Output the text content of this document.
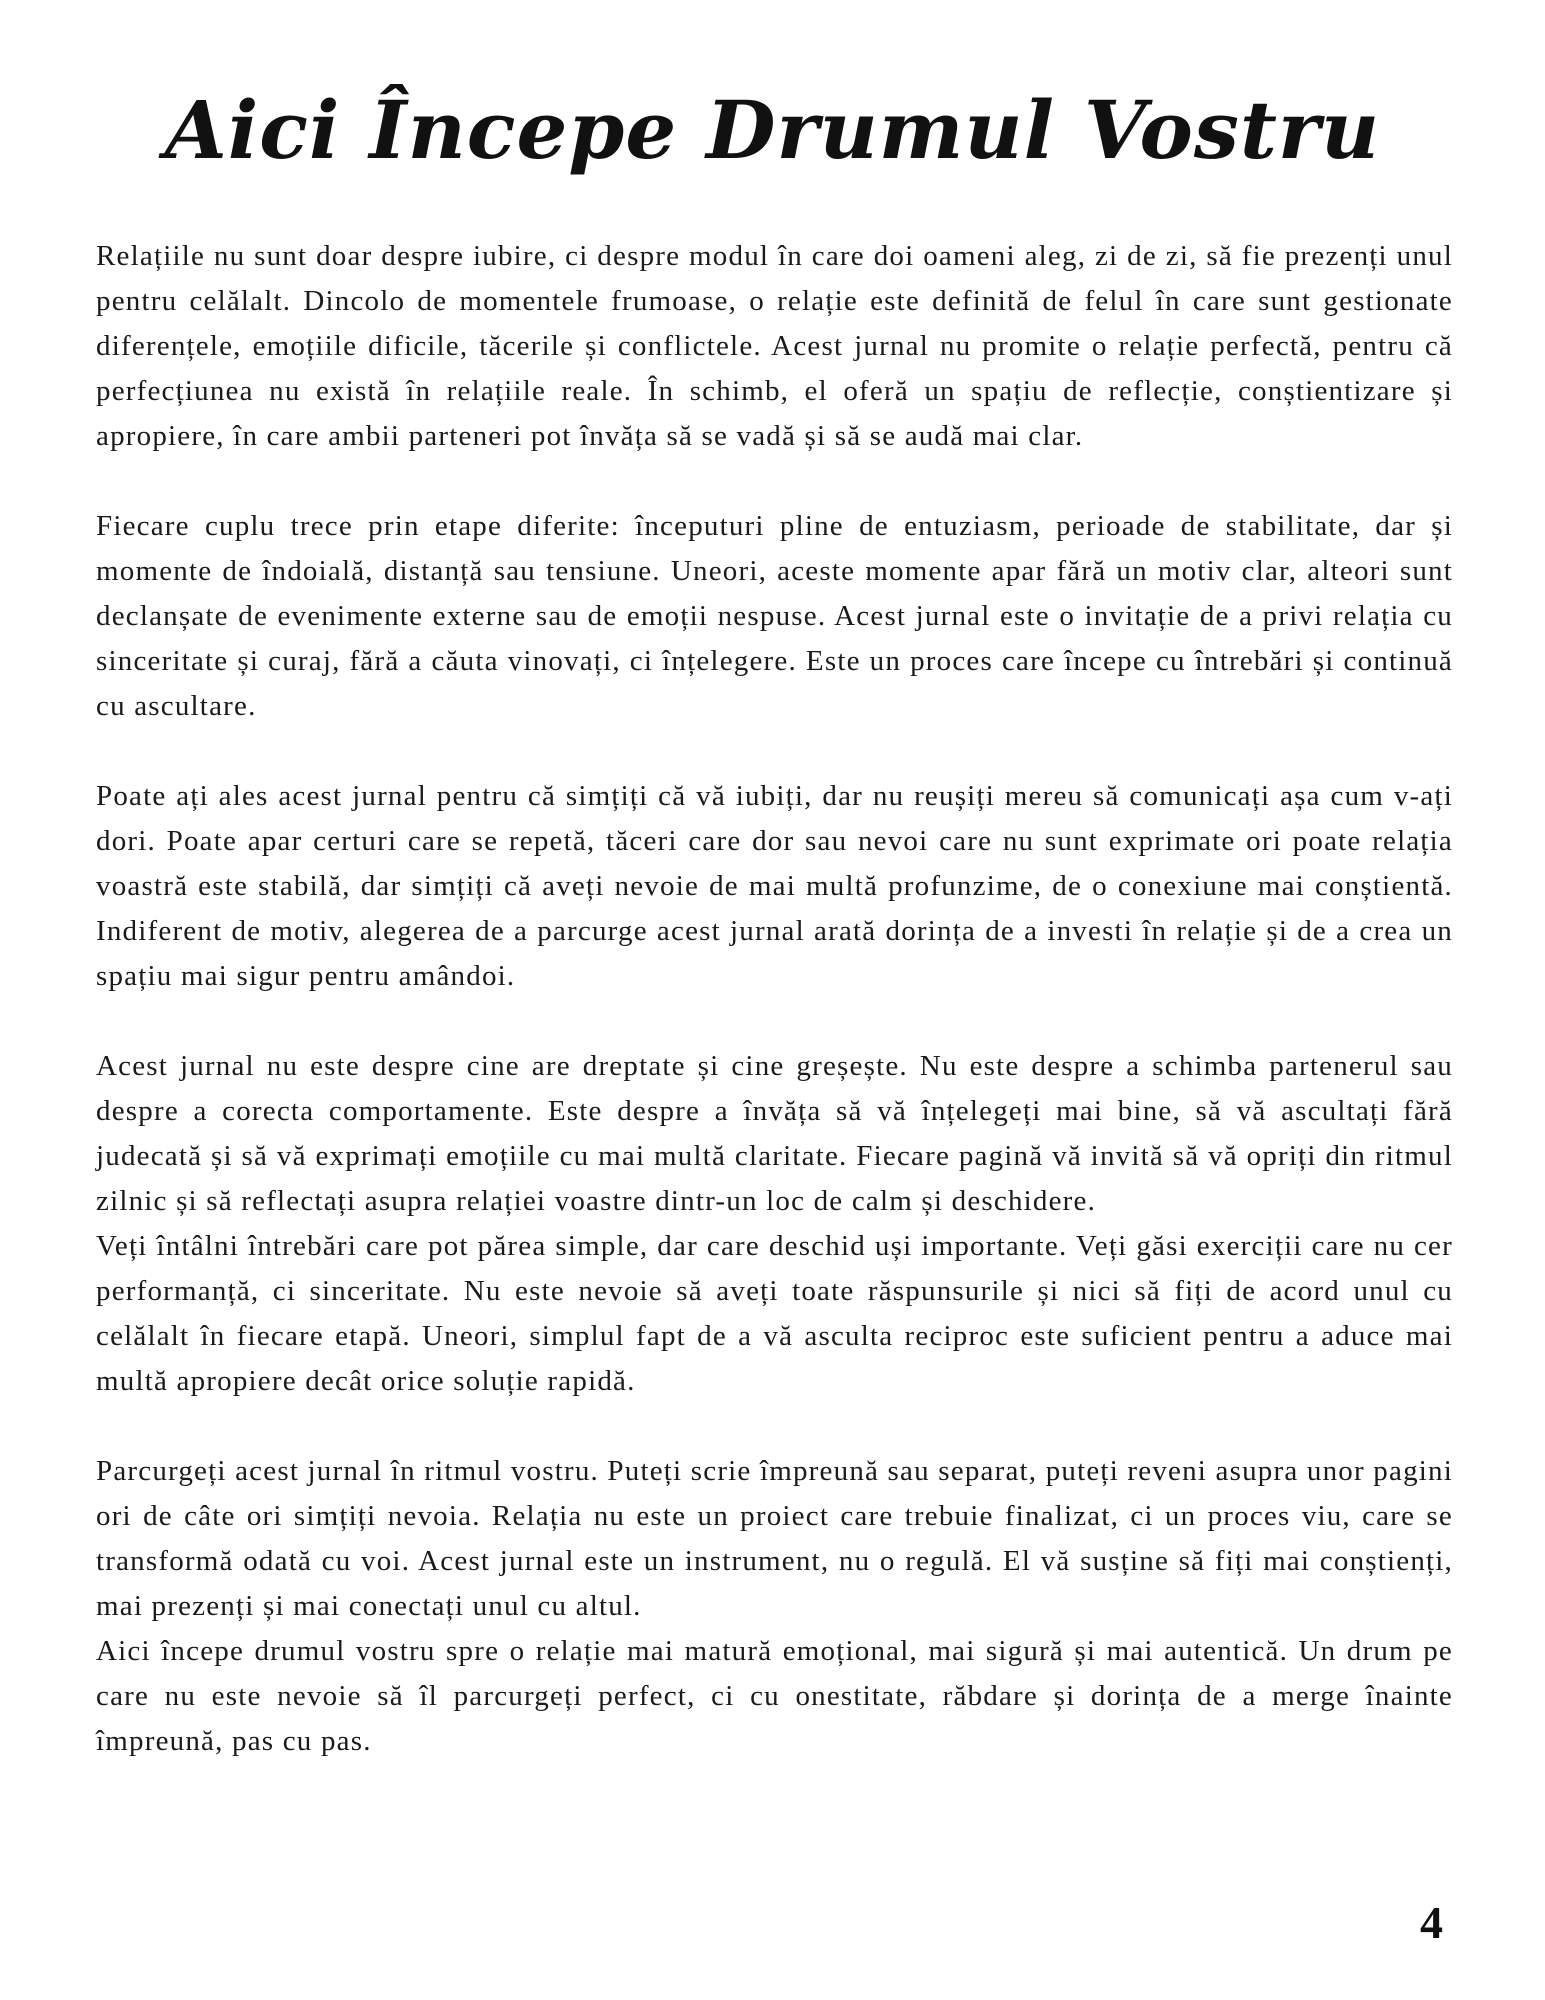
Aici Începe Drumul Vostru

Relațiile nu sunt doar despre iubire, ci despre modul în care doi oameni aleg, zi de zi, să fie prezenți unul pentru celălalt. Dincolo de momentele frumoase, o relație este definită de felul în care sunt gestionate diferențele, emoțiile dificile, tăcerile și conflictele. Acest jurnal nu promite o relație perfectă, pentru că perfecțiunea nu există în relațiile reale. În schimb, el oferă un spațiu de reflecție, conștientizare și apropiere, în care ambii parteneri pot învăța să se vadă și să se audă mai clar.

Fiecare cuplu trece prin etape diferite: începuturi pline de entuziasm, perioade de stabilitate, dar și momente de îndoială, distanță sau tensiune. Uneori, aceste momente apar fără un motiv clar, alteori sunt declanșate de evenimente externe sau de emoții nespuse. Acest jurnal este o invitație de a privi relația cu sinceritate și curaj, fără a căuta vinovați, ci înțelegere. Este un proces care începe cu întrebări și continuă cu ascultare.

Poate ați ales acest jurnal pentru că simțiți că vă iubiți, dar nu reușiți mereu să comunicați așa cum v-ați dori. Poate apar certuri care se repetă, tăceri care dor sau nevoi care nu sunt exprimate ori poate relația voastră este stabilă, dar simțiți că aveți nevoie de mai multă profunzime, de o conexiune mai conștientă. Indiferent de motiv, alegerea de a parcurge acest jurnal arată dorința de a investi în relație și de a crea un spațiu mai sigur pentru amândoi.

Acest jurnal nu este despre cine are dreptate și cine greșește. Nu este despre a schimba partenerul sau despre a corecta comportamente. Este despre a învăța să vă înțelegeți mai bine, să vă ascultați fără judecată și să vă exprimați emoțiile cu mai multă claritate. Fiecare pagină vă invită să vă opriți din ritmul zilnic și să reflectați asupra relației voastre dintr-un loc de calm și deschidere.

Veți întâlni întrebări care pot părea simple, dar care deschid uși importante. Veți găsi exerciții care nu cer performanță, ci sinceritate. Nu este nevoie să aveți toate răspunsurile și nici să fiți de acord unul cu celălalt în fiecare etapă. Uneori, simplul fapt de a vă asculta reciproc este suficient pentru a aduce mai multă apropiere decât orice soluție rapidă.

Parcurgeți acest jurnal în ritmul vostru. Puteți scrie împreună sau separat, puteți reveni asupra unor pagini ori de câte ori simțiți nevoia. Relația nu este un proiect care trebuie finalizat, ci un proces viu, care se transformă odată cu voi. Acest jurnal este un instrument, nu o regulă. El vă susține să fiți mai conștienți, mai prezenți și mai conectați unul cu altul.

Aici începe drumul vostru spre o relație mai matură emoțional, mai sigură și mai autentică. Un drum pe care nu este nevoie să îl parcurgeți perfect, ci cu onestitate, răbdare și dorința de a merge înainte împreună, pas cu pas.

4
